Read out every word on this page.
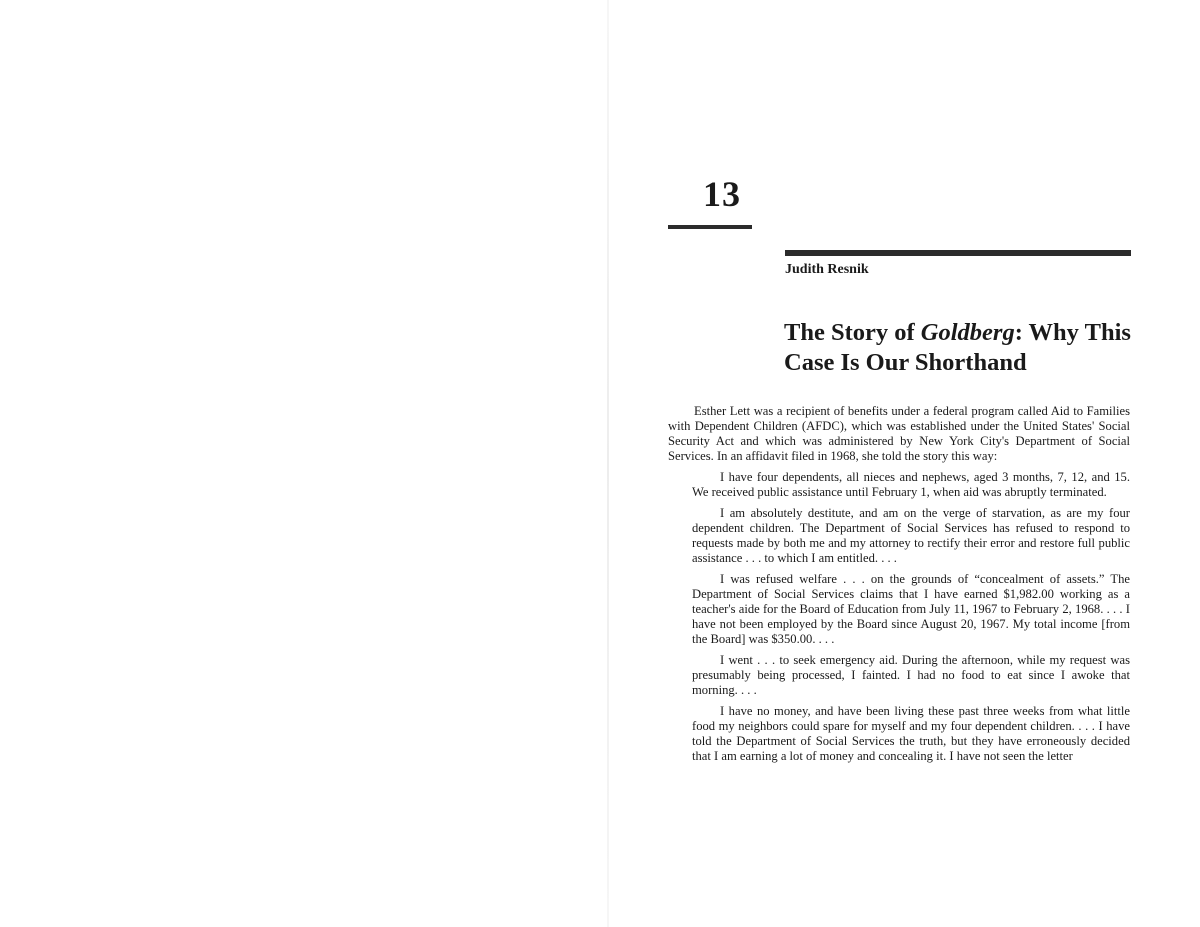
13

Judith Resnik

The Story of Goldberg: Why This Case Is Our Shorthand

Esther Lett was a recipient of benefits under a federal program called Aid to Families with Dependent Children (AFDC), which was established under the United States' Social Security Act and which was administered by New York City's Department of Social Services. In an affidavit filed in 1968, she told the story this way:

I have four dependents, all nieces and nephews, aged 3 months, 7, 12, and 15. We received public assistance until February 1, when aid was abruptly terminated.

I am absolutely destitute, and am on the verge of starvation, as are my four dependent children. The Department of Social Services has refused to respond to requests made by both me and my attorney to rectify their error and restore full public assistance . . . to which I am entitled. . . .

I was refused welfare . . . on the grounds of “concealment of assets.” The Department of Social Services claims that I have earned $1,982.00 working as a teacher's aide for the Board of Education from July 11, 1967 to February 2, 1968. . . . I have not been employed by the Board since August 20, 1967. My total income [from the Board] was $350.00. . . .

I went . . . to seek emergency aid. During the afternoon, while my request was presumably being processed, I fainted. I had no food to eat since I awoke that morning. . . .

I have no money, and have been living these past three weeks from what little food my neighbors could spare for myself and my four dependent children. . . . I have told the Department of Social Services the truth, but they have erroneously decided that I am earning a lot of money and concealing it. I have not seen the letter
